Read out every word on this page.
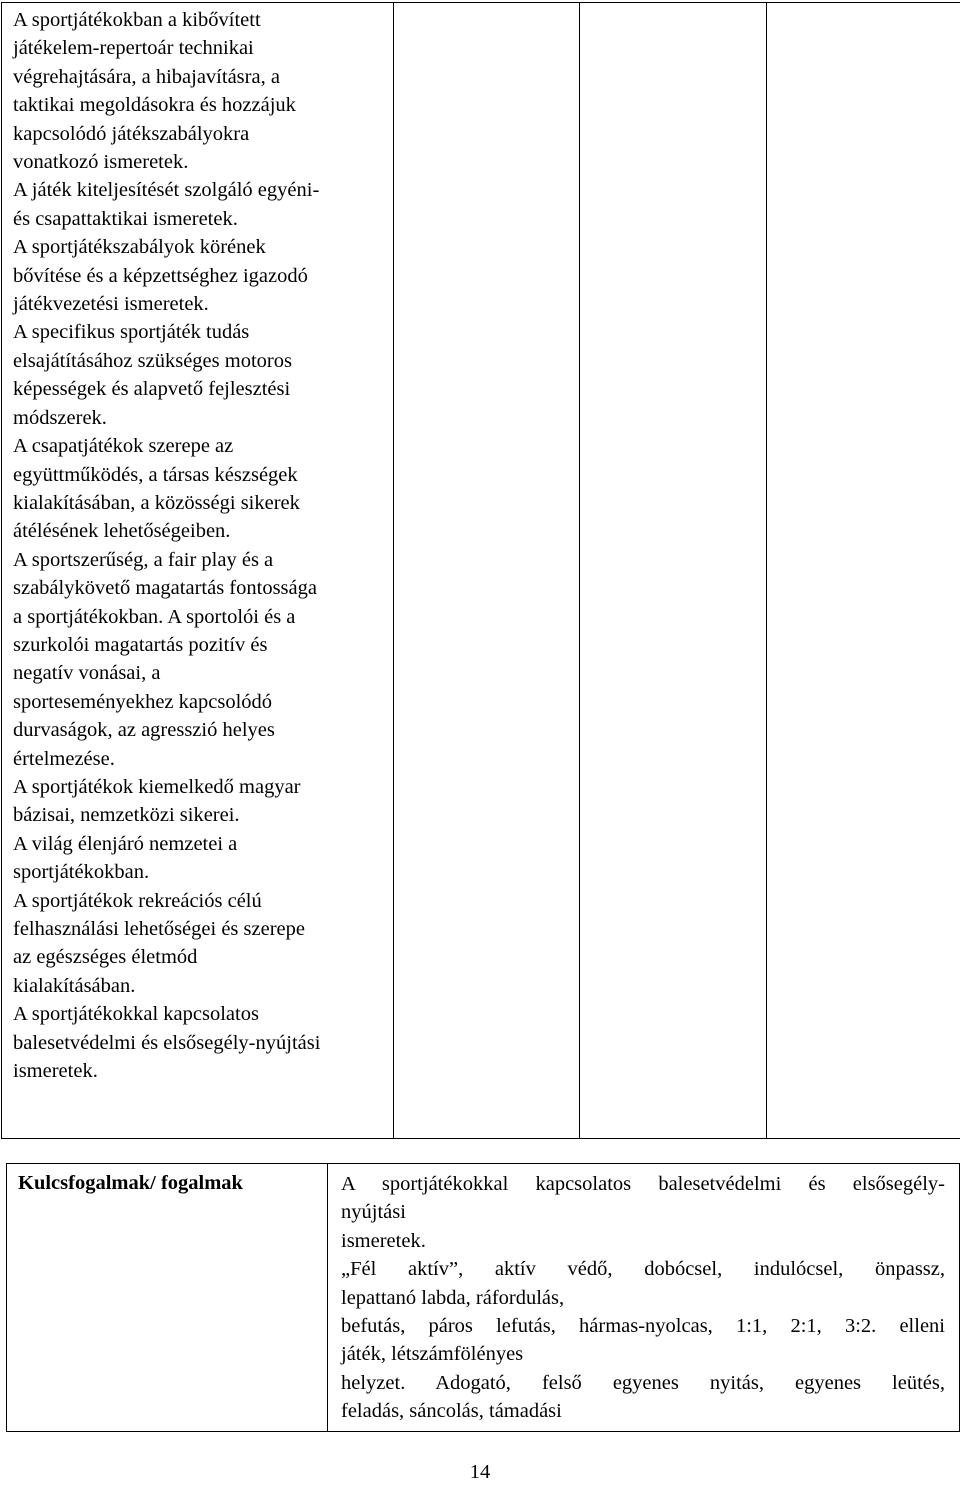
A sportjátékokban a kibővített
játékelem-repertoár technikai
végrehajtására, a hibajavításra, a
taktikai megoldásokra és hozzájuk
kapcsolódó játékszabályokra
vonatkozó ismeretek.
A játék kiteljesítését szolgáló egyéni-
és csapattaktikai ismeretek.
A sportjátékszabályok körének
bővítése és a képzettséghez igazodó
játékvezetési ismeretek.
A specifikus sportjáték tudás
elsajátításához szükséges motoros
képességek és alapvető fejlesztési
módszerek.
A csapatjátékok szerepe az
együttműködés, a társas készségek
kialakításában, a közösségi sikerek
átélésének lehetőségeiben.
A sportszerűség, a fair play és a
szabálykövető magatartás fontossága
a sportjátékokban. A sportolói és a
szurkolói magatartás pozitív és
negatív vonásai, a
sporteseményekhez kapcsolódó
durvaságok, az agresszió helyes
értelmezése.
A sportjátékok kiemelkedő magyar
bázisai, nemzetközi sikerei.
A világ élenjáró nemzetei a
sportjátékokban.
A sportjátékok rekreációs célú
felhasználási lehetőségei és szerepe
az egészséges életmód
kialakításában.
A sportjátékokkal kapcsolatos
balesetvédelmi és elsősegély-nyújtási
ismeretek.

Kulcsfogalmak/ fogalmak	A sportjátékokkal kapcsolatos balesetvédelmi és elsősegély-
nyújtási
ismeretek.
„Fél aktív”, aktív védő, dobócsel, indulócsel, önpassz,
lepattanó labda, ráfordulás,
befutás, páros lefutás, hármas-nyolcas, 1:1, 2:1, 3:2. elleni
játék, létszámfölényes
helyzet. Adogató, felső egyenes nyitás, egyenes leütés,
feladás, sáncolás, támadási
14
